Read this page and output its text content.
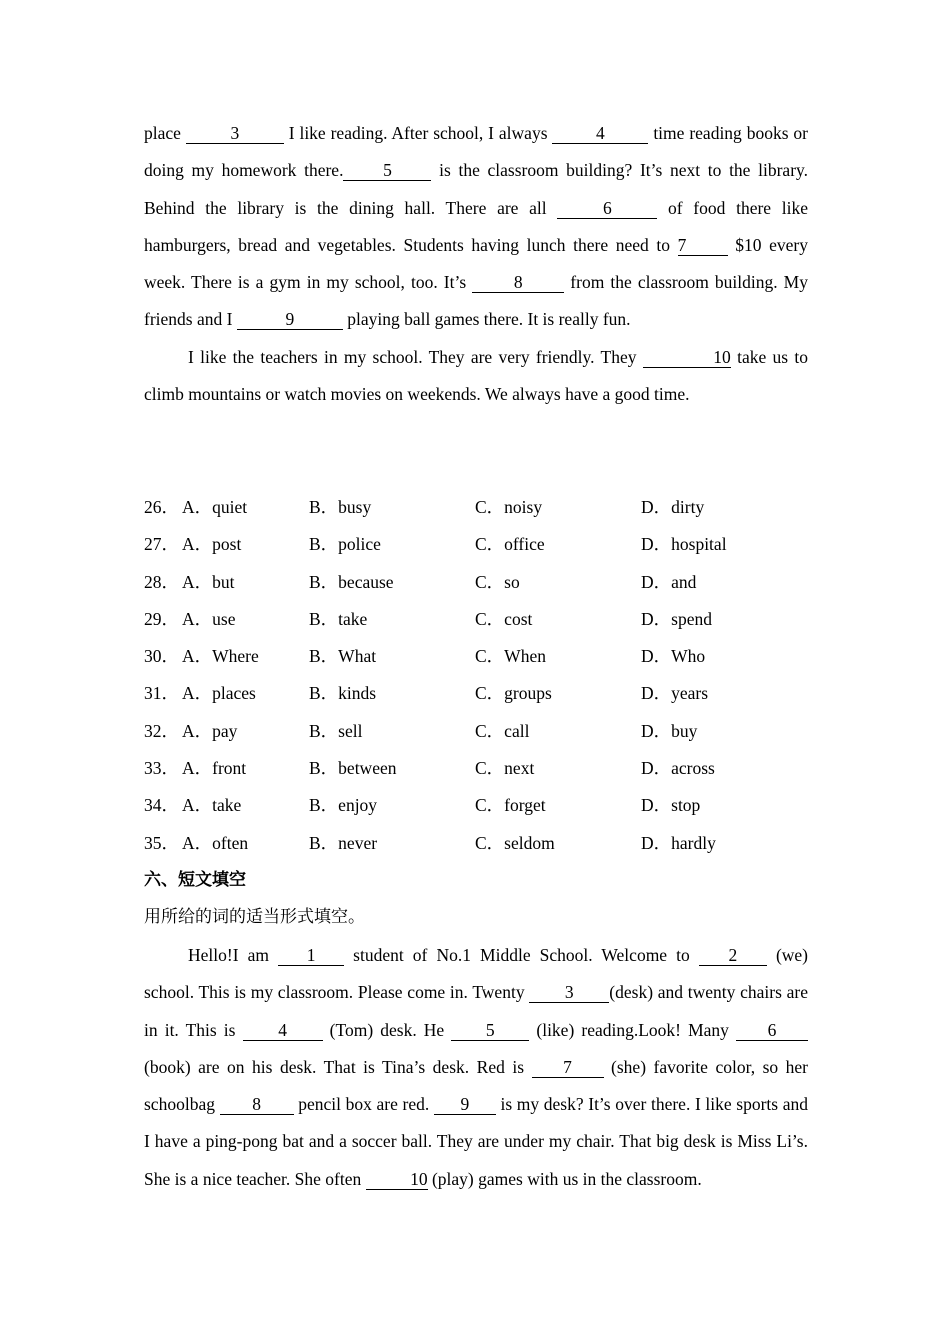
place	3	I like reading. After school, I always 4 time reading books or doing my homework there. 5 is the classroom building? It’s next to the library. Behind the library is the dining hall. There are all	6	of food there like hamburgers, bread and vegetables. Students having lunch there need to 7 $10 every week. There is a gym in my school, too. It’s 8 from the classroom building. My friends and I	9	playing ball games there. It is really fun.

I like the teachers in my school. They are very friendly. They	10 take us to climb mountains or watch movies on weekends. We always have a good time.

26． A．quiet	B．busy	C．noisy	D．dirty
27． A．post	B．police	C．office	D．hospital
28． A．but	B．because	C．so	D．and
29． A．use	B．take	C．cost	D．spend
30． A．Where	B．What	C．When	D．Who
31． A．places	B．kinds	C．groups	D．years
32． A．pay	B．sell	C．call	D．buy
33． A．front	B．between	C．next	D．across
34． A．take	B．enjoy	C．forget	D．stop
35． A．often	B．never	C．seldom	D．hardly
六、短文填空
用所给的词的适当形式填空。

Hello!I am 1 student of No.1 Middle School. Welcome to 2 (we) school. This is my classroom. Please come in. Twenty 3 (desk) and twenty chairs are in it. This is 4 (Tom) desk. He 5 (like) reading.Look! Many 6 (book) are on his desk. That is Tina’s desk. Red is 7 (she) favorite color, so her schoolbag 8 pencil box are red. 9 is my desk? It’s over there. I like sports and I have a ping-pong bat and a soccer ball. They are under my chair. That big desk is Miss Li’s. She is a nice teacher. She often	10 (play) games with us in the classroom.
